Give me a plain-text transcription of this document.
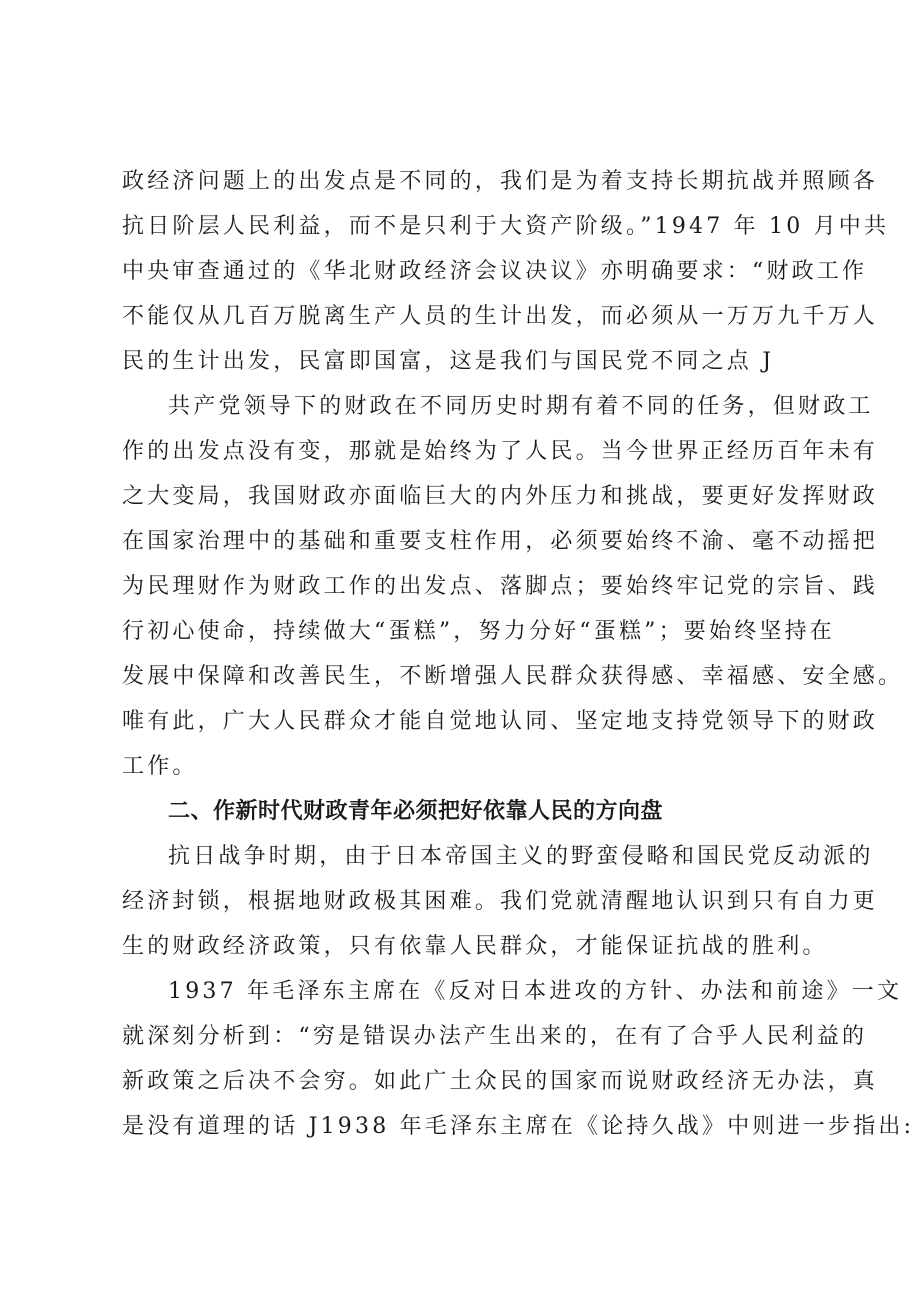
政经济问题上的出发点是不同的，我们是为着支持长期抗战并照顾各
抗日阶层人民利益，而不是只利于大资产阶级。”1947 年 10 月中共
中央审查通过的《华北财政经济会议决议》亦明确要求：“财政工作
不能仅从几百万脱离生产人员的生计出发，而必须从一万万九千万人
民的生计出发，民富即国富，这是我们与国民党不同之点 J
共产党领导下的财政在不同历史时期有着不同的任务，但财政工
作的出发点没有变，那就是始终为了人民。当今世界正经历百年未有
之大变局，我国财政亦面临巨大的内外压力和挑战，要更好发挥财政
在国家治理中的基础和重要支柱作用，必须要始终不渝、毫不动摇把
为民理财作为财政工作的出发点、落脚点；要始终牢记党的宗旨、践
行初心使命，持续做大“蛋糕”，努力分好“蛋糕”；要始终坚持在
发展中保障和改善民生，不断增强人民群众获得感、幸福感、安全感。
唯有此，广大人民群众才能自觉地认同、坚定地支持党领导下的财政
工作。
二、作新时代财政青年必须把好依靠人民的方向盘
抗日战争时期，由于日本帝国主义的野蛮侵略和国民党反动派的
经济封锁，根据地财政极其困难。我们党就清醒地认识到只有自力更
生的财政经济政策，只有依靠人民群众，才能保证抗战的胜利。
1937 年毛泽东主席在《反对日本进攻的方针、办法和前途》一文
就深刻分析到：“穷是错误办法产生出来的，在有了合乎人民利益的
新政策之后决不会穷。如此广土众民的国家而说财政经济无办法，真
是没有道理的话 J1938 年毛泽东主席在《论持久战》中则进一步指出:
